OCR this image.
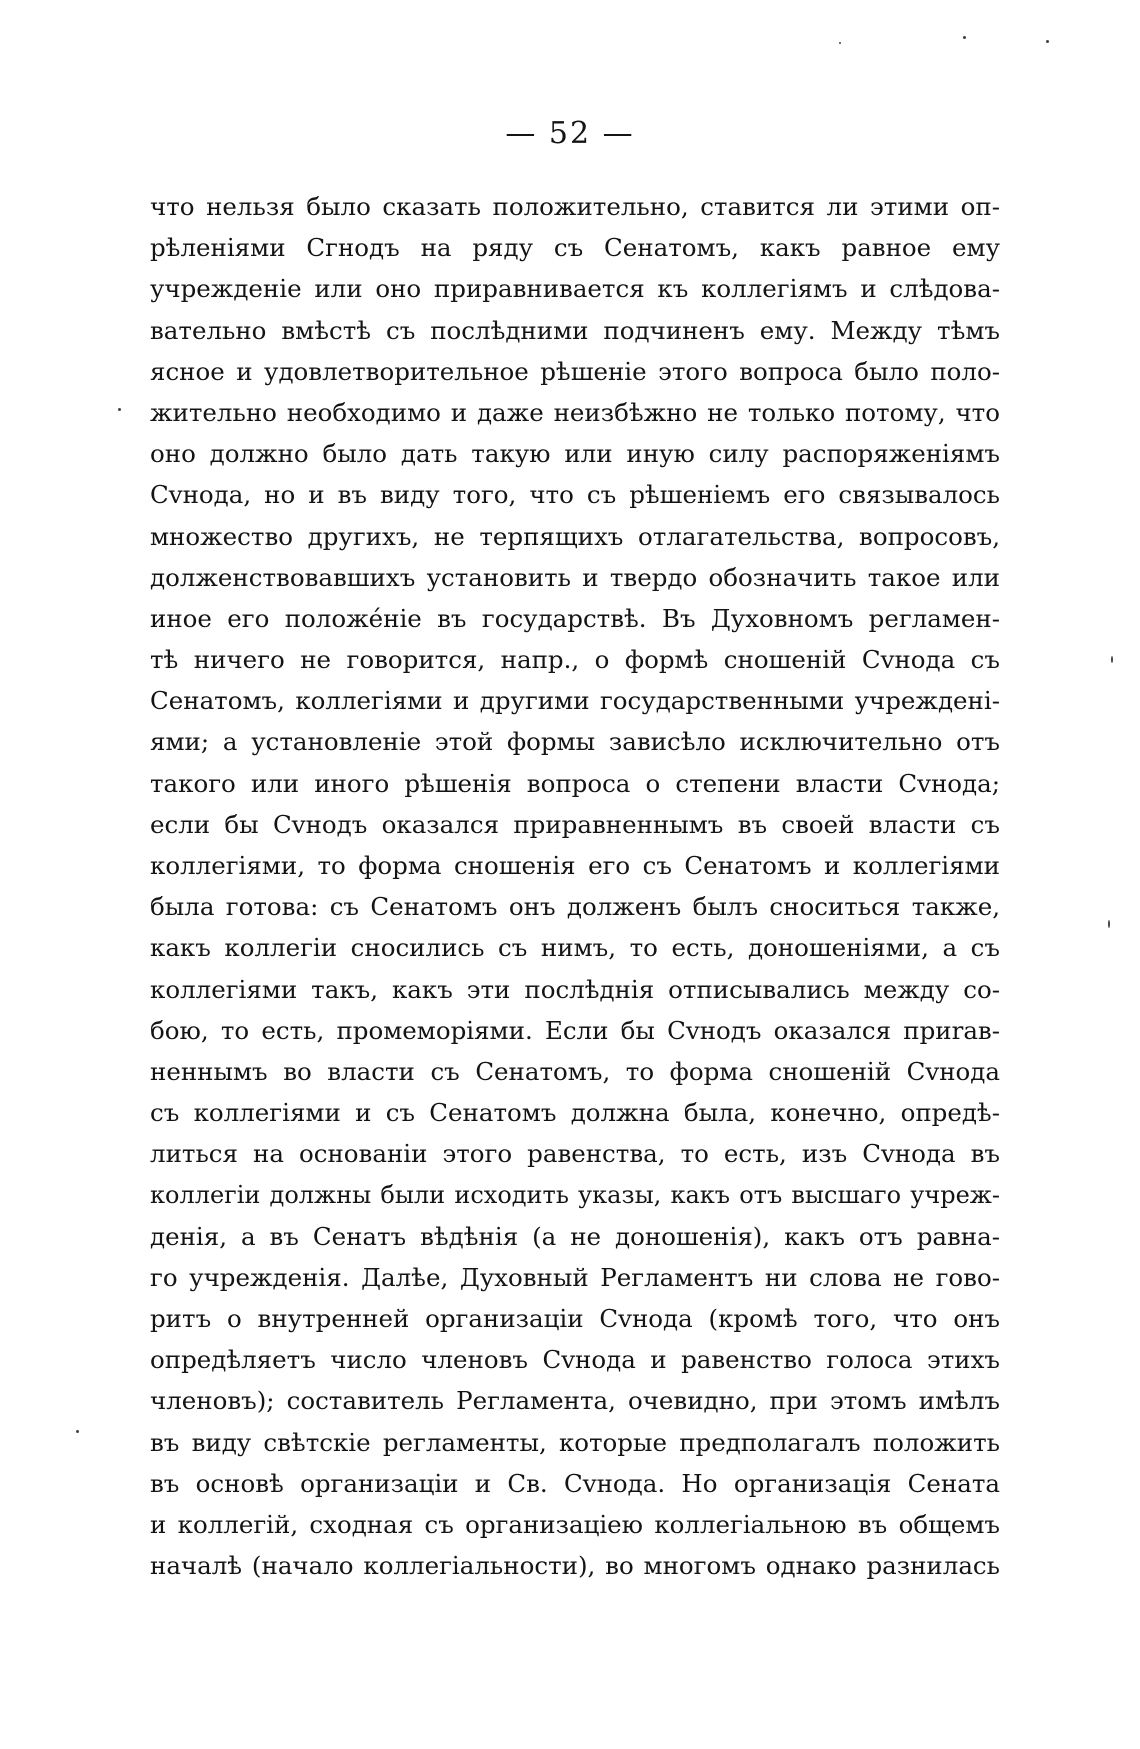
— 52 —
что нельзя было сказать положительно, ставится ли этими оп-
рѣленіями Сгнодъ на ряду съ Сенатомъ, какъ равное ему
учрежденіе или оно приравнивается къ коллегіямъ и слѣдова-
вательно вмѣстѣ съ послѣдними подчиненъ ему. Между тѣмъ
ясное и удовлетворительное рѣшеніе этого вопроса было поло-
жительно необходимо и даже неизбѣжно не только потому, что
оно должно было дать такую или иную силу распоряженіямъ
Сvнода, но и въ виду того, что съ рѣшеніемъ его связывалось
множество другихъ, не терпящихъ отлагательства, вопросовъ,
долженствовавшихъ установить и твердо обозначить такое или
иное его положéніе въ государствѣ. Въ Духовномъ регламен-
тѣ ничего не говорится, напр., о формѣ сношеній Сvнода съ
Сенатомъ, коллегіями и другими государственными учреждені-
ями; а установленіе этой формы зависѣло исключительно отъ
такого или иного рѣшенія вопроса о степени власти Сvнода;
если бы Сvнодъ оказался приравненнымъ въ своей власти съ
коллегіями, то форма сношенія его съ Сенатомъ и коллегіями
была готова: съ Сенатомъ онъ долженъ былъ сноситься также,
какъ коллегіи сносились съ нимъ, то есть, доношеніями, а съ
коллегіями такъ, какъ эти послѣднія отписывались между со-
бою, то есть, промеморіями. Если бы Сvнодъ оказался приrав-
неннымъ во власти съ Сенатомъ, то форма сношеній Сvнода
съ коллегіями и съ Сенатомъ должна была, конечно, опредѣ-
литься на основаніи этого равенства, то есть, изъ Сvнода въ
коллегіи должны были исходить указы, какъ отъ высшаго учреж-
денія, а въ Сенатъ вѣдѣнія (а не доношенія), какъ отъ равна-
го учрежденія. Далѣе, Духовный Регламентъ ни слова не гово-
ритъ о внутренней организаціи Сvнода (кромѣ того, что онъ
опредѣляетъ число членовъ Сvнода и равенство голоса этихъ
членовъ); составитель Регламента, очевидно, при этомъ имѣлъ
въ виду свѣтскіе регламенты, которые предполагалъ положить
въ основѣ организаціи и Св. Сvнода. Но организація Сената
и коллегій, сходная съ организаціею коллегіальною въ общемъ
началѣ (начало коллегіальности), во многомъ однако разнилась
